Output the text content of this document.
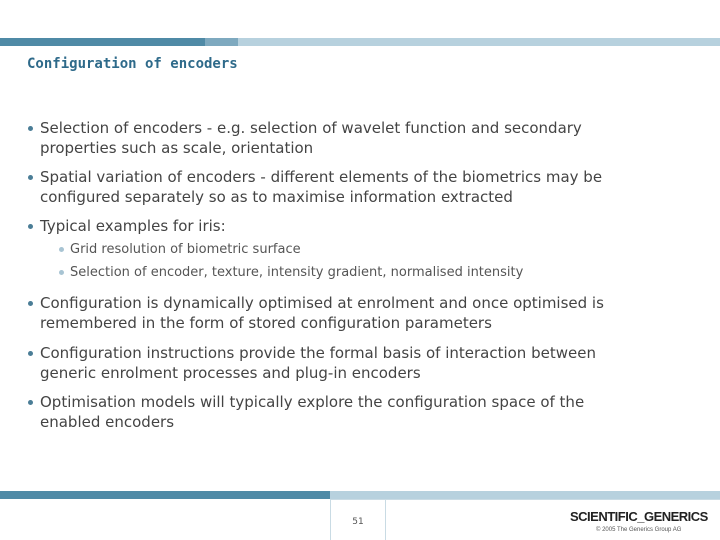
Configuration of encoders
Selection of encoders - e.g. selection of wavelet function and secondary
properties such as scale, orientation
Spatial variation of encoders - different elements of the biometrics may be
configured separately so as to maximise information extracted
Typical examples for iris:
Grid resolution of biometric surface
Selection of encoder, texture, intensity gradient, normalised intensity
Configuration is dynamically optimised at enrolment and once optimised is
remembered in the form of stored configuration parameters
Configuration instructions provide the formal basis of interaction between
generic enrolment processes and plug-in encoders
Optimisation models will typically explore the configuration space of the
enabled encoders
51	SCIENTIFIC_GENERICS
© 2005 The Generics Group AG
